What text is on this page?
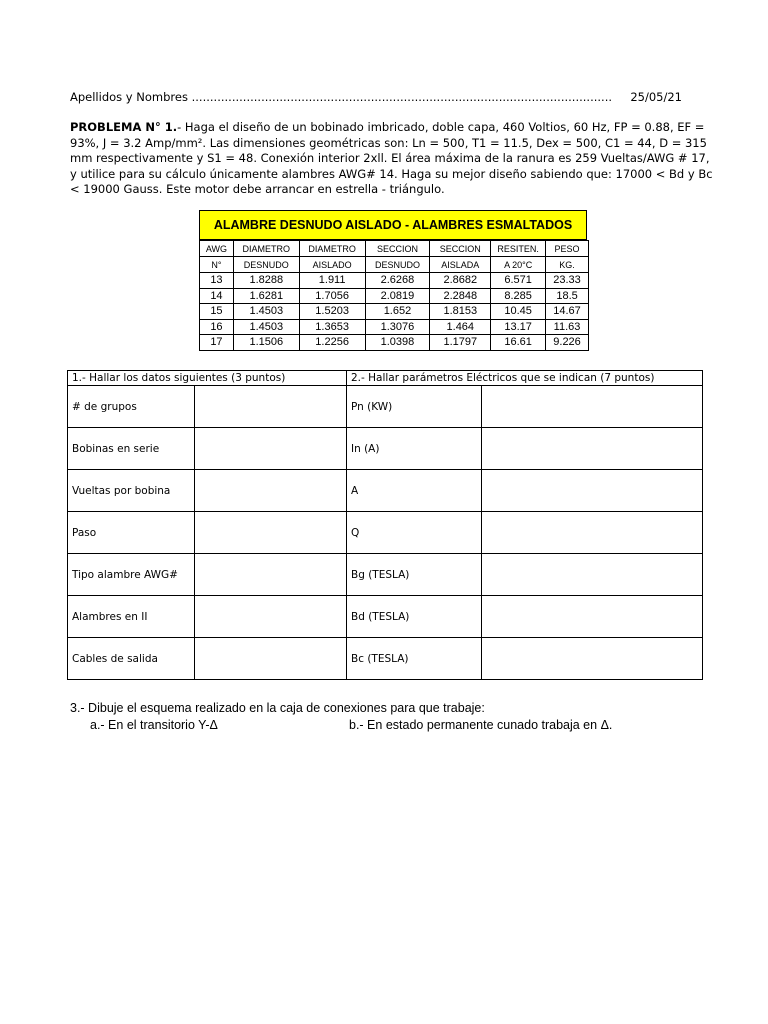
Apellidos y Nombres ................................................................................................................... 25/05/21
PROBLEMA N° 1.- Haga el diseño de un bobinado imbricado, doble capa, 460 Voltios, 60 Hz, FP = 0.88, EF = 93%, J = 3.2 Amp/mm². Las dimensiones geométricas son: Ln = 500, T1 = 11.5, Dex = 500, C1 = 44, D = 315 mm respectivamente y S1 = 48. Conexión interior 2xll. El área máxima de la ranura es 259 Vueltas/AWG # 17, y utilice para su cálculo únicamente alambres AWG# 14. Haga su mejor diseño sabiendo que: 17000 < Bd y Bc < 19000 Gauss. Este motor debe arrancar en estrella - triángulo.
ALAMBRE DESNUDO AISLADO - ALAMBRES ESMALTADOS
AWG	DIAMETRO	DIAMETRO	SECCION	SECCION	RESITEN.	PESO
N°	DESNUDO	AISLADO	DESNUDO	AISLADA	A 20°C	KG.
13	1.8288	1.911	2.6268	2.8682	6.571	23.33
14	1.6281	1.7056	2.0819	2.2848	8.285	18.5
15	1.4503	1.5203	1.652	1.8153	10.45	14.67
16	1.4503	1.3653	1.3076	1.464	13.17	11.63
17	1.1506	1.2256	1.0398	1.1797	16.61	9.226
1.- Hallar los datos siguientes (3 puntos)		2.- Hallar parámetros Eléctricos que se indican (7 puntos)	
# de grupos		Pn (KW)	
Bobinas en serie		In (A)	
Vueltas por bobina		A	
Paso		Q	
Tipo alambre AWG#		Bg (TESLA)	
Alambres en II		Bd (TESLA)	
Cables de salida		Bc (TESLA)	
3.- Dibuje el esquema realizado en la caja de conexiones para que trabaje:
a.- En el transitorio Y-Δ	b.- En estado permanente cunado trabaja en Δ.
